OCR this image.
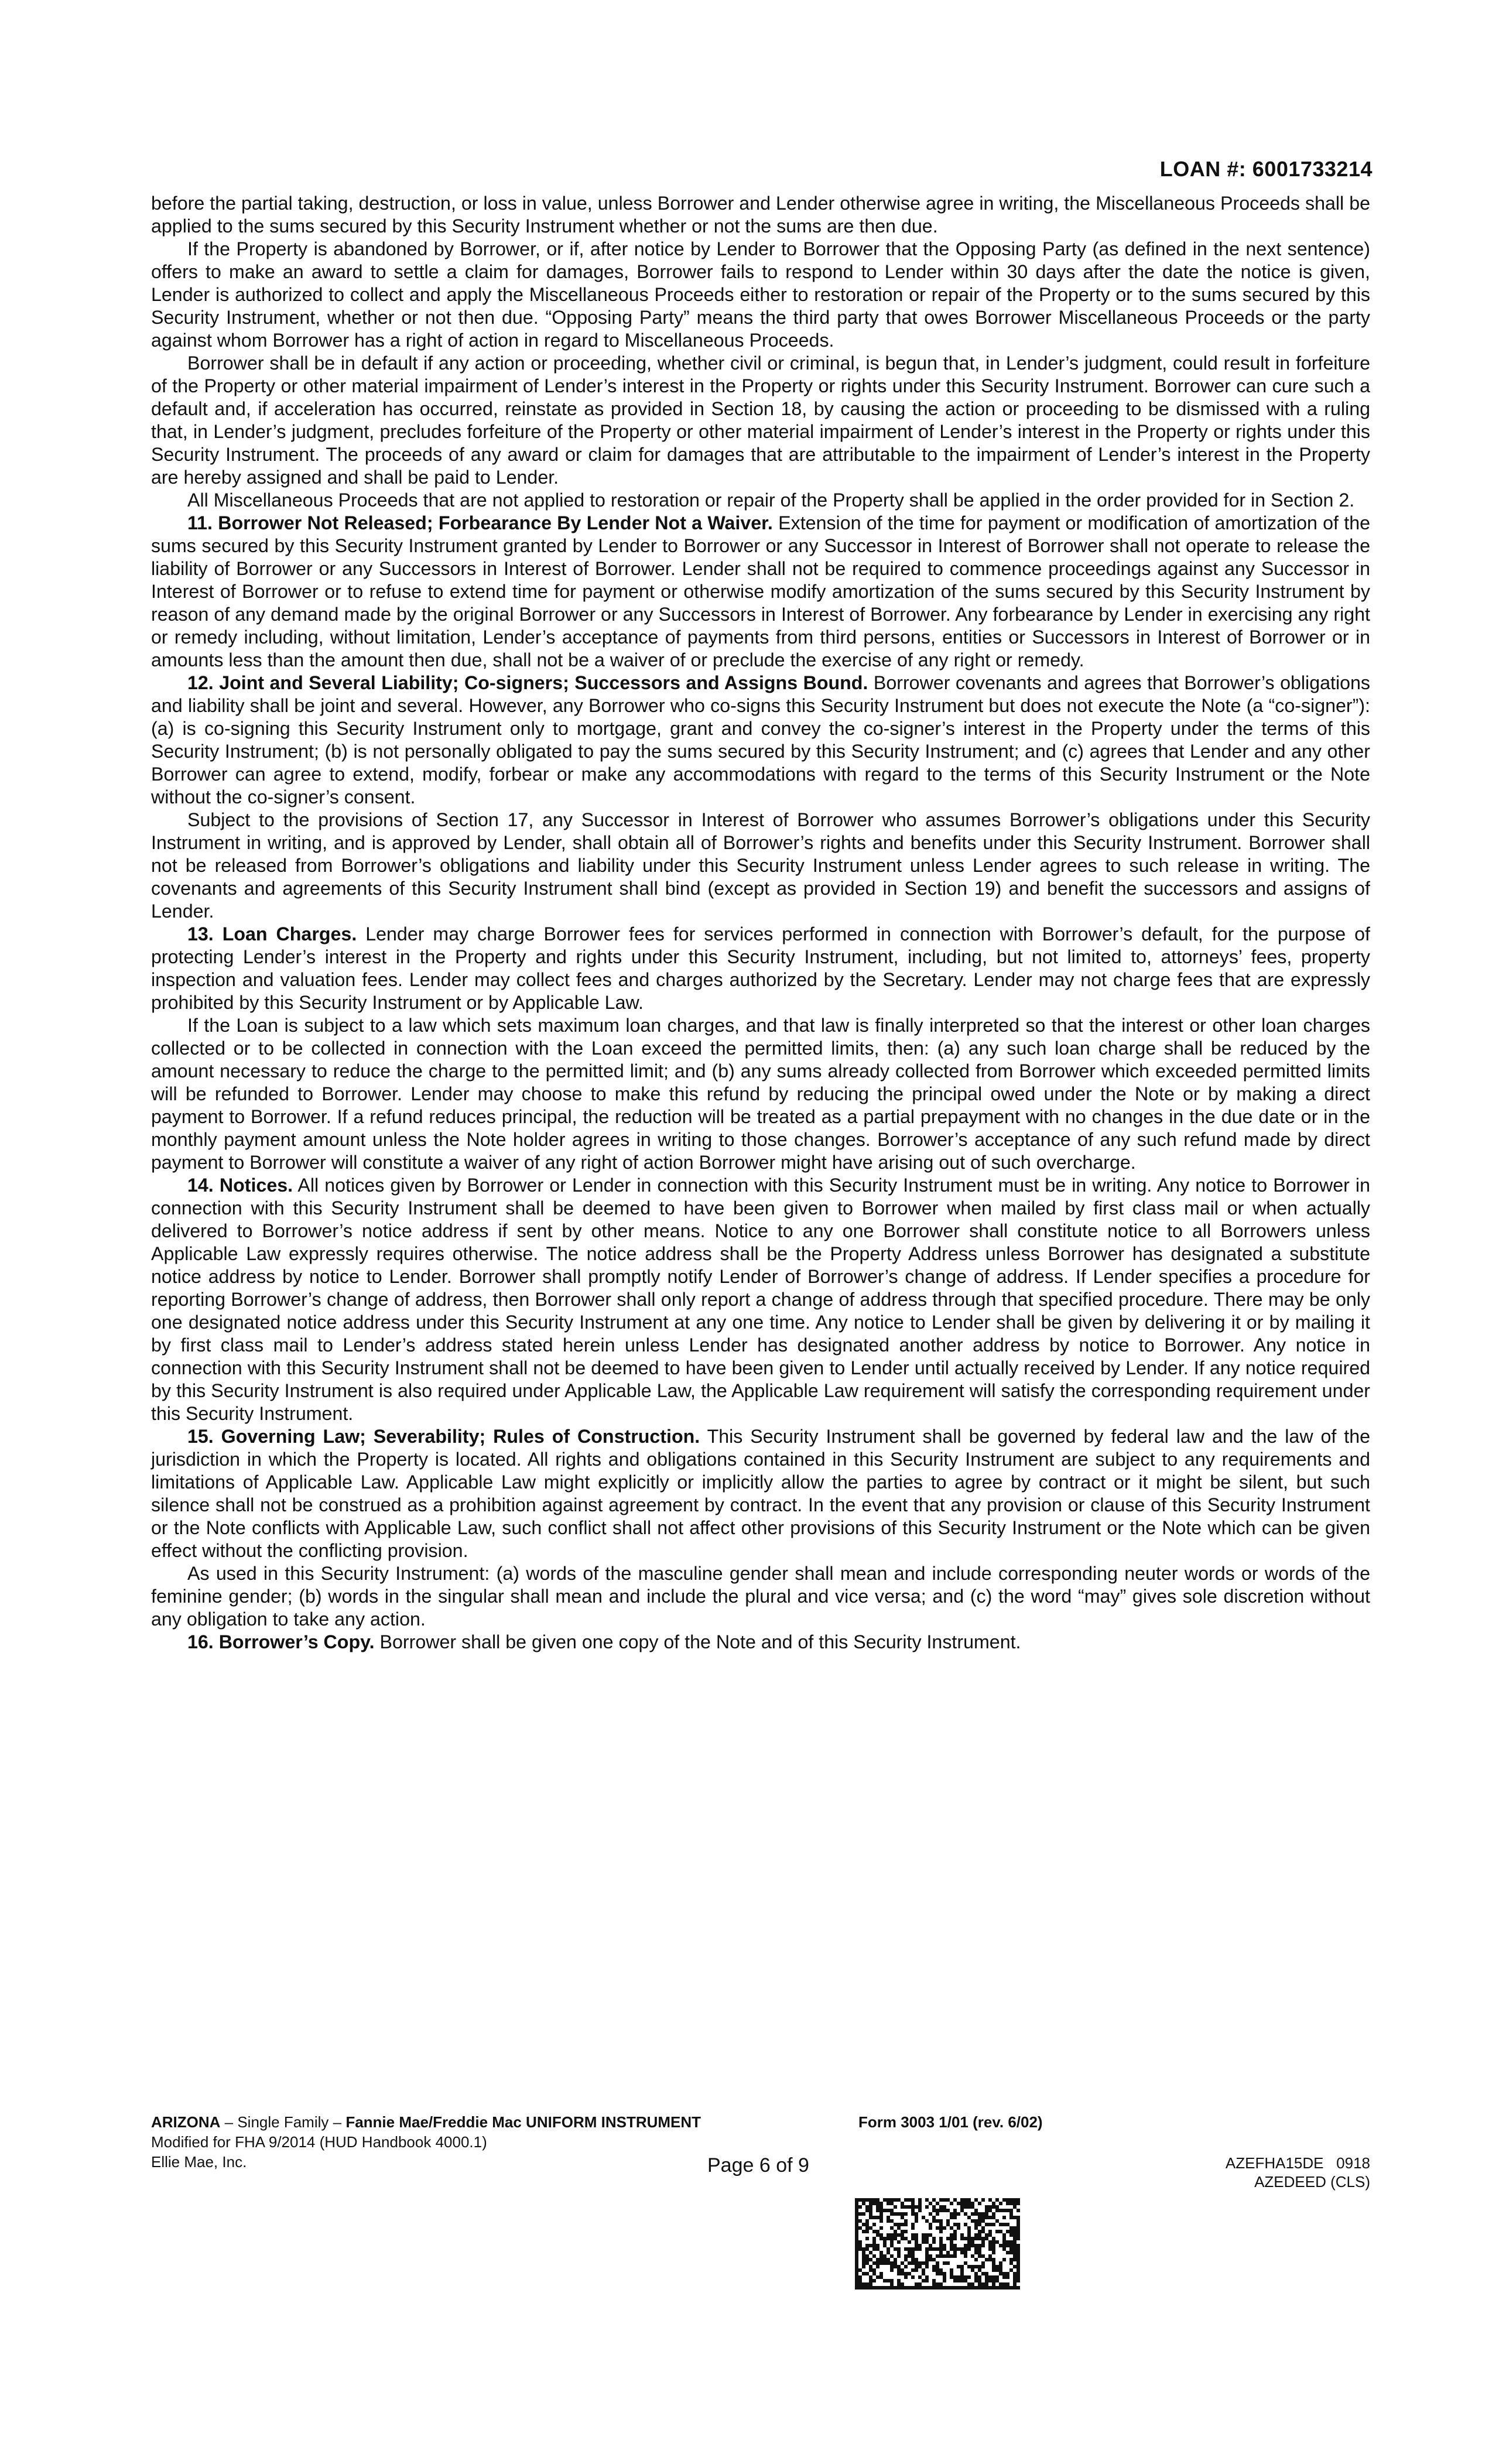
LOAN #: 6001733214

before the partial taking, destruction, or loss in value, unless Borrower and Lender otherwise agree in writing, the Miscellaneous Proceeds shall be applied to the sums secured by this Security Instrument whether or not the sums are then due.

If the Property is abandoned by Borrower, or if, after notice by Lender to Borrower that the Opposing Party (as defined in the next sentence) offers to make an award to settle a claim for damages, Borrower fails to respond to Lender within 30 days after the date the notice is given, Lender is authorized to collect and apply the Miscellaneous Proceeds either to restoration or repair of the Property or to the sums secured by this Security Instrument, whether or not then due. “Opposing Party” means the third party that owes Borrower Miscellaneous Proceeds or the party against whom Borrower has a right of action in regard to Miscellaneous Proceeds.

Borrower shall be in default if any action or proceeding, whether civil or criminal, is begun that, in Lender’s judgment, could result in forfeiture of the Property or other material impairment of Lender’s interest in the Property or rights under this Security Instrument. Borrower can cure such a default and, if acceleration has occurred, reinstate as provided in Section 18, by causing the action or proceeding to be dismissed with a ruling that, in Lender’s judgment, precludes forfeiture of the Property or other material impairment of Lender’s interest in the Property or rights under this Security Instrument. The proceeds of any award or claim for damages that are attributable to the impairment of Lender’s interest in the Property are hereby assigned and shall be paid to Lender.

All Miscellaneous Proceeds that are not applied to restoration or repair of the Property shall be applied in the order provided for in Section 2.

11. Borrower Not Released; Forbearance By Lender Not a Waiver. Extension of the time for payment or modification of amortization of the sums secured by this Security Instrument granted by Lender to Borrower or any Successor in Interest of Borrower shall not operate to release the liability of Borrower or any Successors in Interest of Borrower. Lender shall not be required to commence proceedings against any Successor in Interest of Borrower or to refuse to extend time for payment or otherwise modify amortization of the sums secured by this Security Instrument by reason of any demand made by the original Borrower or any Successors in Interest of Borrower. Any forbearance by Lender in exercising any right or remedy including, without limitation, Lender’s acceptance of payments from third persons, entities or Successors in Interest of Borrower or in amounts less than the amount then due, shall not be a waiver of or preclude the exercise of any right or remedy.

12. Joint and Several Liability; Co-signers; Successors and Assigns Bound. Borrower covenants and agrees that Borrower’s obligations and liability shall be joint and several. However, any Borrower who co-signs this Security Instrument but does not execute the Note (a “co-signer”): (a) is co-signing this Security Instrument only to mortgage, grant and convey the co-signer’s interest in the Property under the terms of this Security Instrument; (b) is not personally obligated to pay the sums secured by this Security Instrument; and (c) agrees that Lender and any other Borrower can agree to extend, modify, forbear or make any accommodations with regard to the terms of this Security Instrument or the Note without the co-signer’s consent.

Subject to the provisions of Section 17, any Successor in Interest of Borrower who assumes Borrower’s obligations under this Security Instrument in writing, and is approved by Lender, shall obtain all of Borrower’s rights and benefits under this Security Instrument. Borrower shall not be released from Borrower’s obligations and liability under this Security Instrument unless Lender agrees to such release in writing. The covenants and agreements of this Security Instrument shall bind (except as provided in Section 19) and benefit the successors and assigns of Lender.

13. Loan Charges. Lender may charge Borrower fees for services performed in connection with Borrower’s default, for the purpose of protecting Lender’s interest in the Property and rights under this Security Instrument, including, but not limited to, attorneys’ fees, property inspection and valuation fees. Lender may collect fees and charges authorized by the Secretary. Lender may not charge fees that are expressly prohibited by this Security Instrument or by Applicable Law.

If the Loan is subject to a law which sets maximum loan charges, and that law is finally interpreted so that the interest or other loan charges collected or to be collected in connection with the Loan exceed the permitted limits, then: (a) any such loan charge shall be reduced by the amount necessary to reduce the charge to the permitted limit; and (b) any sums already collected from Borrower which exceeded permitted limits will be refunded to Borrower. Lender may choose to make this refund by reducing the principal owed under the Note or by making a direct payment to Borrower. If a refund reduces principal, the reduction will be treated as a partial prepayment with no changes in the due date or in the monthly payment amount unless the Note holder agrees in writing to those changes. Borrower’s acceptance of any such refund made by direct payment to Borrower will constitute a waiver of any right of action Borrower might have arising out of such overcharge.

14. Notices. All notices given by Borrower or Lender in connection with this Security Instrument must be in writing. Any notice to Borrower in connection with this Security Instrument shall be deemed to have been given to Borrower when mailed by first class mail or when actually delivered to Borrower’s notice address if sent by other means. Notice to any one Borrower shall constitute notice to all Borrowers unless Applicable Law expressly requires otherwise. The notice address shall be the Property Address unless Borrower has designated a substitute notice address by notice to Lender. Borrower shall promptly notify Lender of Borrower’s change of address. If Lender specifies a procedure for reporting Borrower’s change of address, then Borrower shall only report a change of address through that specified procedure. There may be only one designated notice address under this Security Instrument at any one time. Any notice to Lender shall be given by delivering it or by mailing it by first class mail to Lender’s address stated herein unless Lender has designated another address by notice to Borrower. Any notice in connection with this Security Instrument shall not be deemed to have been given to Lender until actually received by Lender. If any notice required by this Security Instrument is also required under Applicable Law, the Applicable Law requirement will satisfy the corresponding requirement under this Security Instrument.

15. Governing Law; Severability; Rules of Construction. This Security Instrument shall be governed by federal law and the law of the jurisdiction in which the Property is located. All rights and obligations contained in this Security Instrument are subject to any requirements and limitations of Applicable Law. Applicable Law might explicitly or implicitly allow the parties to agree by contract or it might be silent, but such silence shall not be construed as a prohibition against agreement by contract. In the event that any provision or clause of this Security Instrument or the Note conflicts with Applicable Law, such conflict shall not affect other provisions of this Security Instrument or the Note which can be given effect without the conflicting provision.

As used in this Security Instrument: (a) words of the masculine gender shall mean and include corresponding neuter words or words of the feminine gender; (b) words in the singular shall mean and include the plural and vice versa; and (c) the word “may” gives sole discretion without any obligation to take any action.

16. Borrower’s Copy. Borrower shall be given one copy of the Note and of this Security Instrument.

ARIZONA – Single Family – Fannie Mae/Freddie Mac UNIFORM INSTRUMENT	Form 3003 1/01 (rev. 6/02)
Modified for FHA 9/2014 (HUD Handbook 4000.1)
Ellie Mae, Inc.	Page 6 of 9	AZEFHA15DE   0918
AZEDEED (CLS)
